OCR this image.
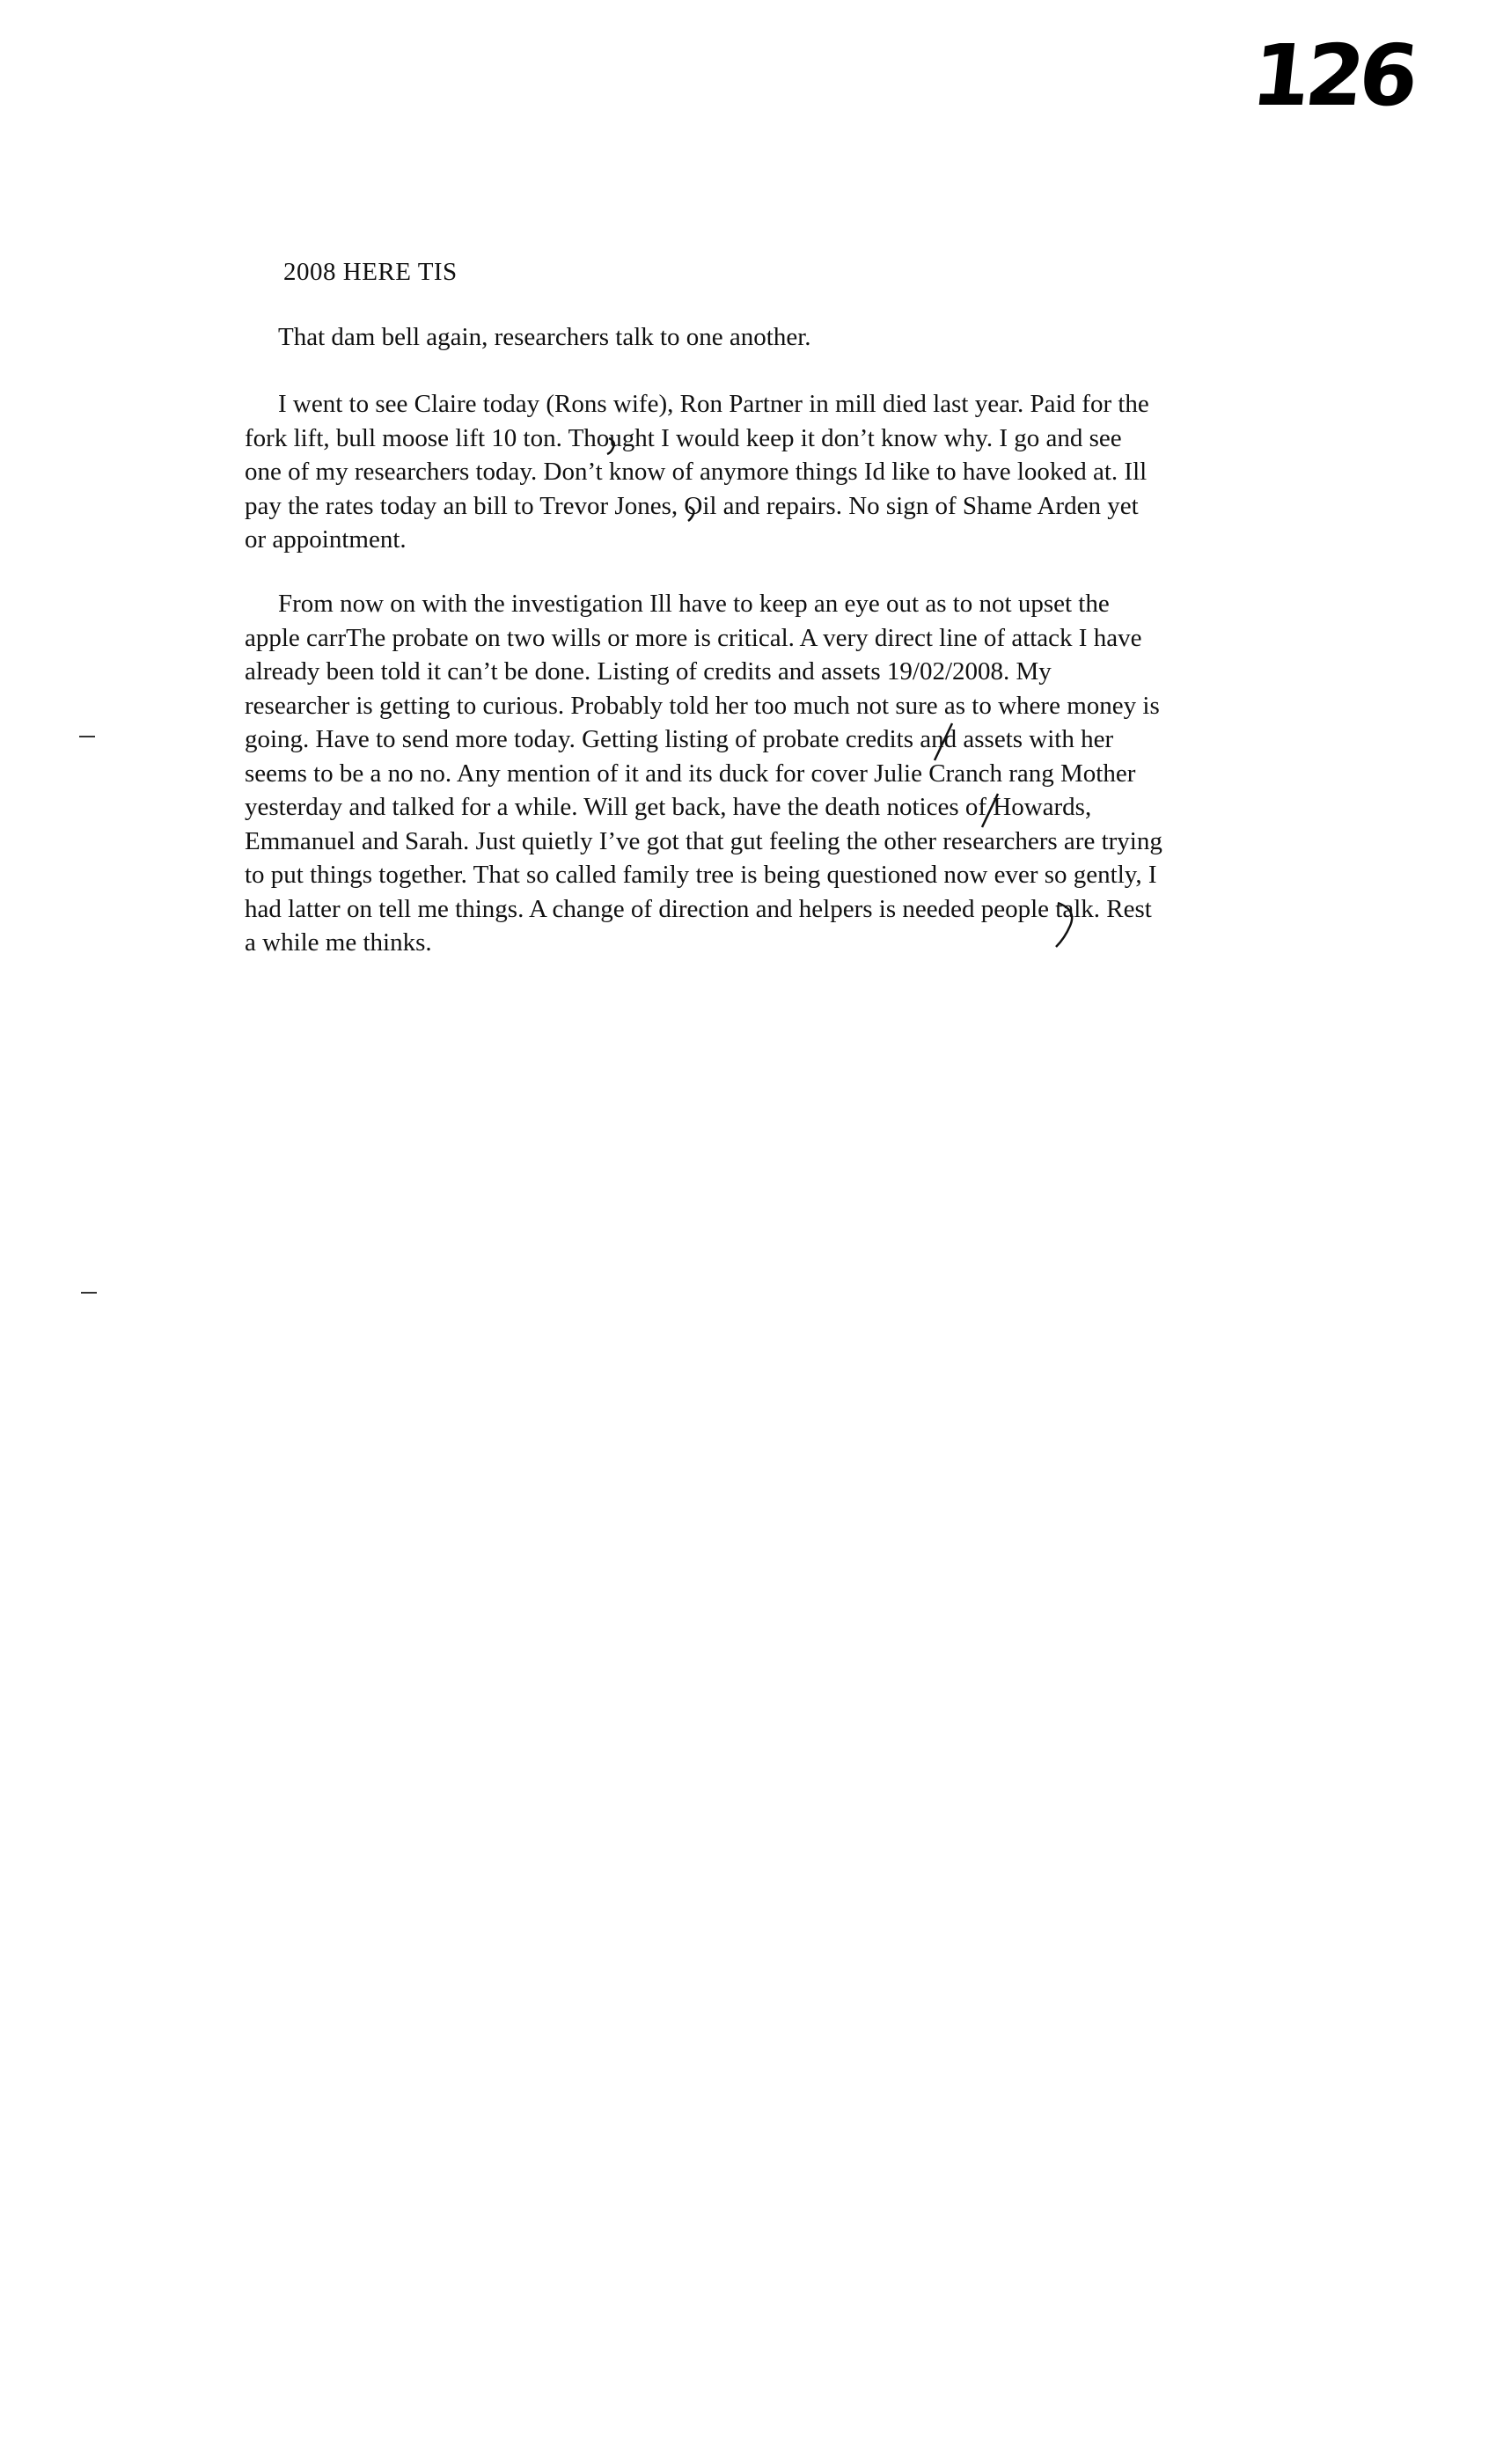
126
2008 HERE TIS
That dam bell again, researchers talk to one another.
I went to see Claire today (Rons wife), Ron Partner in mill died last year. Paid for the
fork lift, bull moose lift 10 ton. Thought I would keep it don’t know why. I go and see
one of my researchers today. Don’t know of anymore things Id like to have looked at. Ill
pay the rates today an bill to Trevor Jones, Oil and repairs. No sign of Shame Arden yet
or appointment.
From now on with the investigation Ill have to keep an eye out as to not upset the
apple carrThe probate on two wills or more is critical. A very direct line of attack I have
already been told it can’t be done. Listing of credits and assets 19/02/2008. My
researcher is getting to curious. Probably told her too much not sure as to where money is
going. Have to send more today. Getting listing of probate credits and assets with her
seems to be a no no. Any mention of it and its duck for cover Julie Cranch rang Mother
yesterday and talked for a while. Will get back, have the death notices of Howards,
Emmanuel and Sarah. Just quietly I’ve got that gut feeling the other researchers are trying
to put things together. That so called family tree is being questioned now ever so gently, I
had latter on tell me things. A change of direction and helpers is needed people talk. Rest
a while me thinks.
